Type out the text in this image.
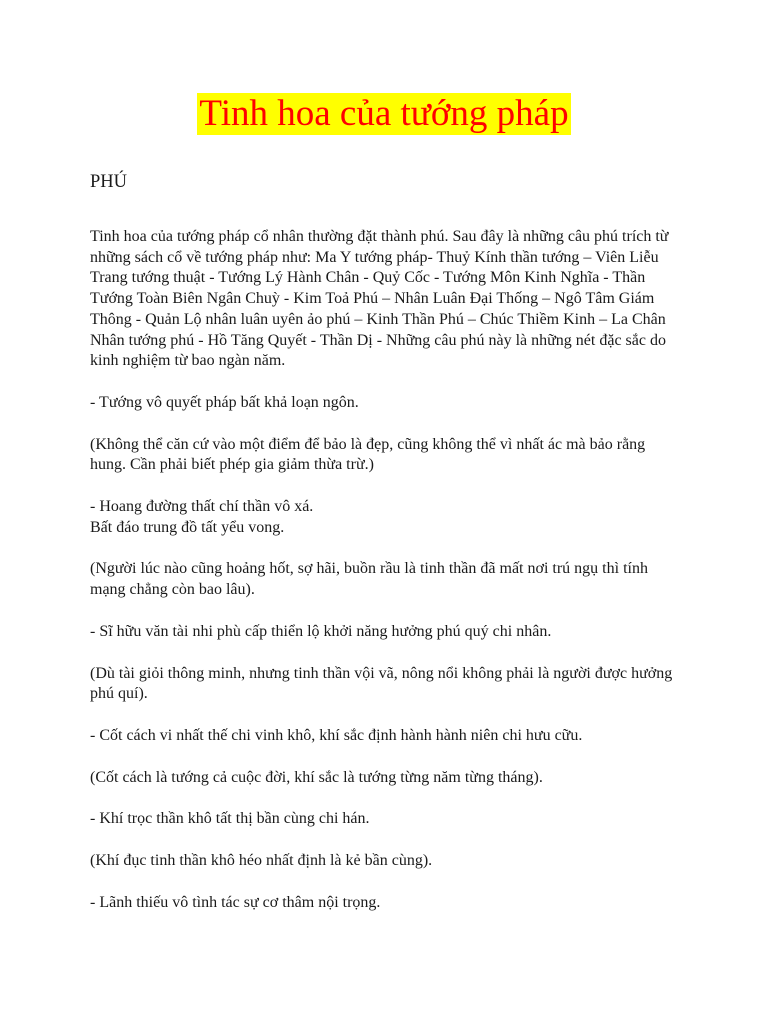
Tinh hoa của tướng pháp
PHÚ

Tinh hoa của tướng pháp cổ nhân thường đặt thành phú. Sau đây là những câu phú trích từ những sách cổ về tướng pháp như: Ma Y tướng pháp- Thuỷ Kính thần tướng – Viên Liễu Trang tướng thuật - Tướng Lý Hành Chân - Quỷ Cốc - Tướng Môn Kinh Nghĩa - Thần Tướng Toàn Biên Ngân Chuỳ - Kim Toả Phú – Nhân Luân Đại Thống – Ngô Tâm Giám Thông - Quản Lộ nhân luân uyên ảo phú – Kinh Thần Phú – Chúc Thiềm Kinh – La Chân Nhân tướng phú - Hồ Tăng Quyết - Thần Dị - Những câu phú này là những nét đặc sắc do kinh nghiệm từ bao ngàn năm.

- Tướng vô quyết pháp bất khả loạn ngôn.

(Không thể căn cứ vào một điểm để bảo là đẹp, cũng không thể vì nhất ác mà bảo rằng hung. Cần phải biết phép gia giảm thừa trừ.)

- Hoang đường thất chí thần vô xá.
Bất đáo trung đồ tất yểu vong.

(Người lúc nào cũng hoảng hốt, sợ hãi, buồn rầu là tinh thần đã mất nơi trú ngụ thì tính mạng chẳng còn bao lâu).

- Sĩ hữu văn tài nhi phù cấp thiển lộ khởi năng hưởng phú quý chi nhân.

(Dù tài giỏi thông minh, nhưng tinh thần vội vã, nông nổi không phải là người được hưởng phú quí).

- Cốt cách vi nhất thế chi vinh khô, khí sắc định hành hành niên chi hưu cữu.

(Cốt cách là tướng cả cuộc đời, khí sắc là tướng từng năm từng tháng).

- Khí trọc thần khô tất thị bần cùng chi hán.

(Khí đục tinh thần khô héo nhất định là kẻ bần cùng).

- Lãnh thiếu vô tình tác sự cơ thâm nội trọng.
